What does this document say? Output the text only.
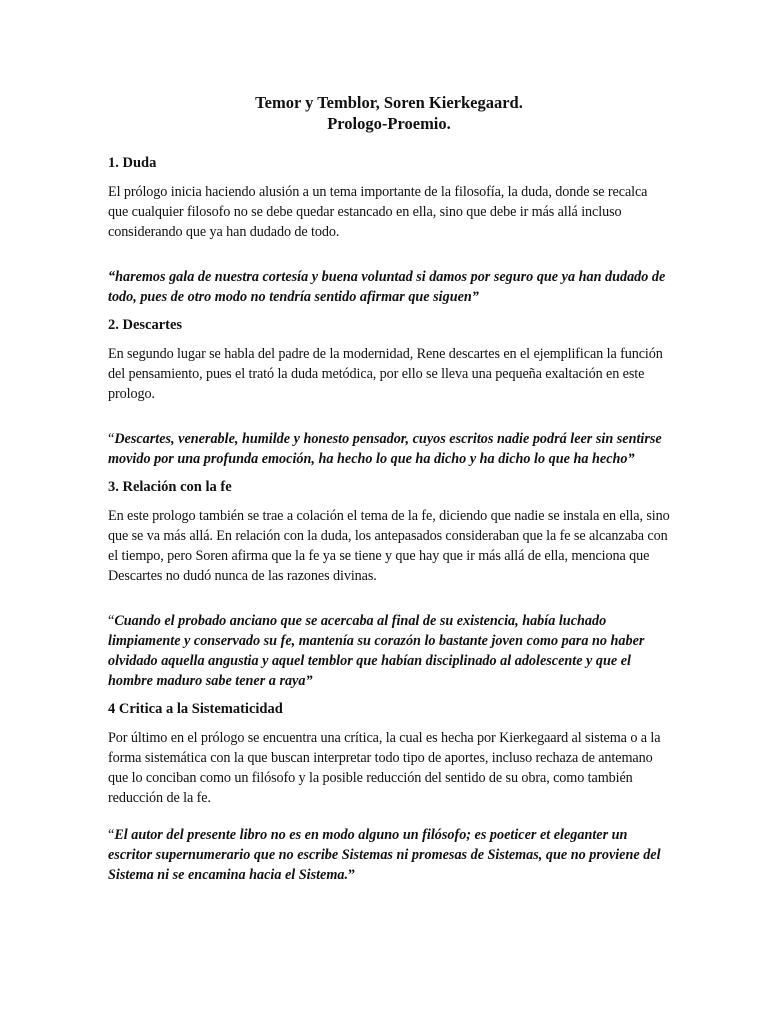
Temor y Temblor, Soren Kierkegaard.
Prologo-Proemio.
1. Duda
El prólogo inicia haciendo alusión a un tema importante de la filosofía, la duda, donde se recalca que cualquier filosofo no se debe quedar estancado en ella, sino que debe ir más allá incluso considerando que ya han dudado de todo.
“haremos gala de nuestra cortesía y buena voluntad si damos por seguro que ya han dudado de todo, pues de otro modo no tendría sentido afirmar que siguen”
2. Descartes
En segundo lugar se habla del padre de la modernidad, Rene descartes en el ejemplifican la función del pensamiento, pues el trató la duda metódica, por ello se lleva una pequeña exaltación en este prologo.
“Descartes, venerable, humilde y honesto pensador, cuyos escritos nadie podrá leer sin sentirse movido por una profunda emoción, ha hecho lo que ha dicho y ha dicho lo que ha hecho”
3. Relación con la fe
En este prologo también se trae a colación el tema de la fe, diciendo que nadie se instala en ella, sino que se va más allá. En relación con la duda, los antepasados consideraban que la fe se alcanzaba con el tiempo, pero Soren afirma que la fe ya se tiene y que hay que ir más allá de ella, menciona que Descartes no dudó nunca de las razones divinas.
“Cuando el probado anciano que se acercaba al final de su existencia, había luchado limpiamente y conservado su fe, mantenía su corazón lo bastante joven como para no haber olvidado aquella angustia y aquel temblor que habían disciplinado al adolescente y que el hombre maduro sabe tener a raya”
4 Critica a la Sistematicidad
Por último en el prólogo se encuentra una crítica, la cual es hecha por Kierkegaard al sistema o a la forma sistemática con la que buscan interpretar todo tipo de aportes, incluso rechaza de antemano que lo conciban como un filósofo y la posible reducción del sentido de su obra, como también reducción de la fe.
“El autor del presente libro no es en modo alguno un filósofo; es poeticer et eleganter un escritor supernumerario que no escribe Sistemas ni promesas de Sistemas, que no proviene del Sistema ni se encamina hacia el Sistema.”
